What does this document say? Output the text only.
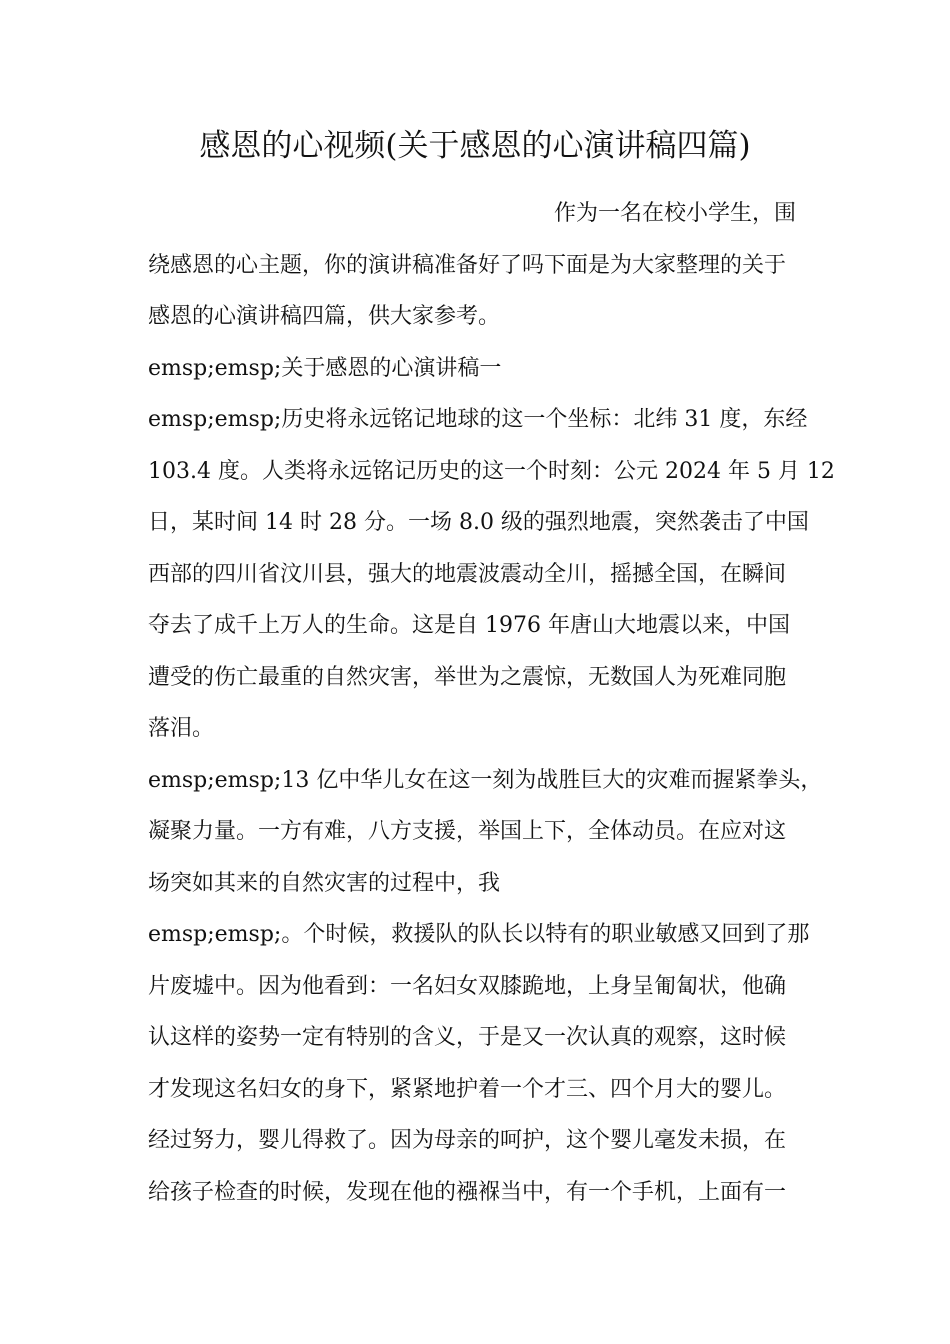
感恩的心视频(关于感恩的心演讲稿四篇)

作为一名在校小学生，围

绕感恩的心主题，你的演讲稿准备好了吗下面是为大家整理的关于

感恩的心演讲稿四篇，供大家参考。

emsp;emsp;关于感恩的心演讲稿一

emsp;emsp;历史将永远铭记地球的这一个坐标：北纬 31 度，东经

103.4 度。人类将永远铭记历史的这一个时刻：公元 2024 年 5 月 12

日，某时间 14 时 28 分。一场 8.0 级的强烈地震，突然袭击了中国

西部的四川省汶川县，强大的地震波震动全川，摇撼全国，在瞬间

夺去了成千上万人的生命。这是自 1976 年唐山大地震以来，中国

遭受的伤亡最重的自然灾害，举世为之震惊，无数国人为死难同胞

落泪。

emsp;emsp;13 亿中华儿女在这一刻为战胜巨大的灾难而握紧拳头，

凝聚力量。一方有难，八方支援，举国上下，全体动员。在应对这

场突如其来的自然灾害的过程中，我

emsp;emsp;。个时候，救援队的队长以特有的职业敏感又回到了那

片废墟中。因为他看到：一名妇女双膝跪地，上身呈匍匐状，他确

认这样的姿势一定有特别的含义，于是又一次认真的观察，这时候

才发现这名妇女的身下，紧紧地护着一个才三、四个月大的婴儿。

经过努力，婴儿得救了。因为母亲的呵护，这个婴儿毫发未损，在

给孩子检查的时候，发现在他的襁褓当中，有一个手机，上面有一
